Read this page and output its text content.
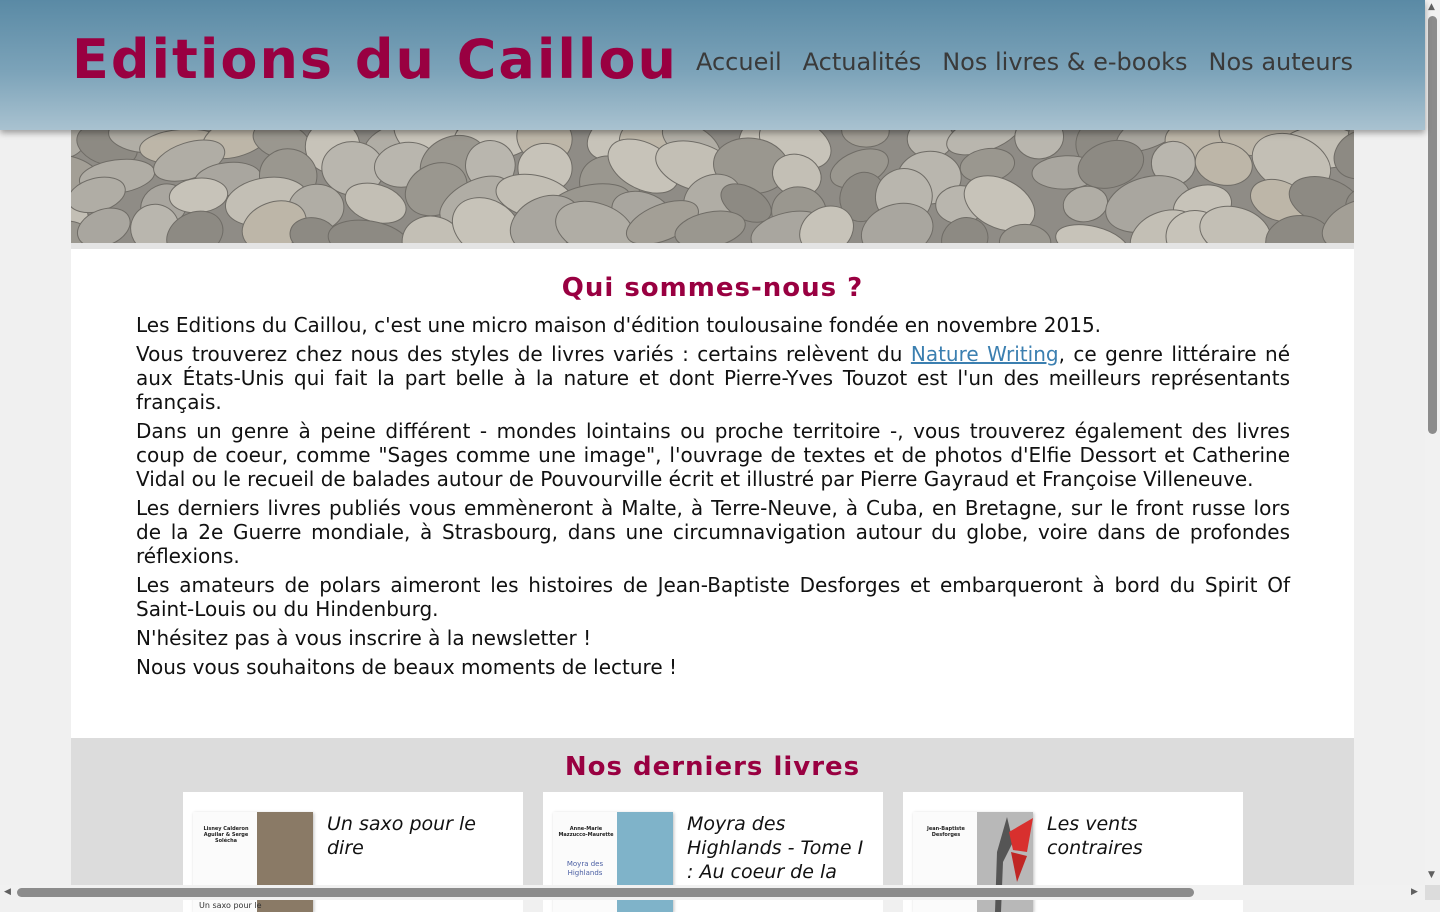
Editions du Caillou Accueil Actualités Nos livres & e-books Nos auteurs
Qui sommes-nous ?

Les Editions du Caillou, c'est une micro maison d'édition toulousaine fondée en novembre 2015.

Vous trouverez chez nous des styles de livres variés : certains relèvent du Nature Writing, ce genre littéraire né aux États-Unis qui fait la part belle à la nature et dont Pierre-Yves Touzot est l'un des meilleurs représentants français.

Dans un genre à peine différent - mondes lointains ou proche territoire -, vous trouverez également des livres coup de coeur, comme "Sages comme une image", l'ouvrage de textes et de photos d'Elfie Dessort et Catherine Vidal ou le recueil de balades autour de Pouvourville écrit et illustré par Pierre Gayraud et Françoise Villeneuve.

Les derniers livres publiés vous emmèneront à Malte, à Terre-Neuve, à Cuba, en Bretagne, sur le front russe lors de la 2e Guerre mondiale, à Strasbourg, dans une circumnavigation autour du globe, voire dans de profondes réflexions.

Les amateurs de polars aimeront les histoires de Jean-Baptiste Desforges et embarqueront à bord du Spirit Of Saint-Louis ou du Hindenburg.

N'hésitez pas à vous inscrire à la newsletter !

Nous vous souhaitons de beaux moments de lecture !

Nos derniers livres
Lisney Calderon Aguilar & Serge Solécha
Un saxo pour le
Un saxo pour le dire
Anne-Marie Mazzucco-Maurette
Moyra des Highlands
Moyra des Highlands - Tome I : Au coeur de la
Jean-Baptiste Desforges	Les vents contraires
▲
▼
◀	▶
